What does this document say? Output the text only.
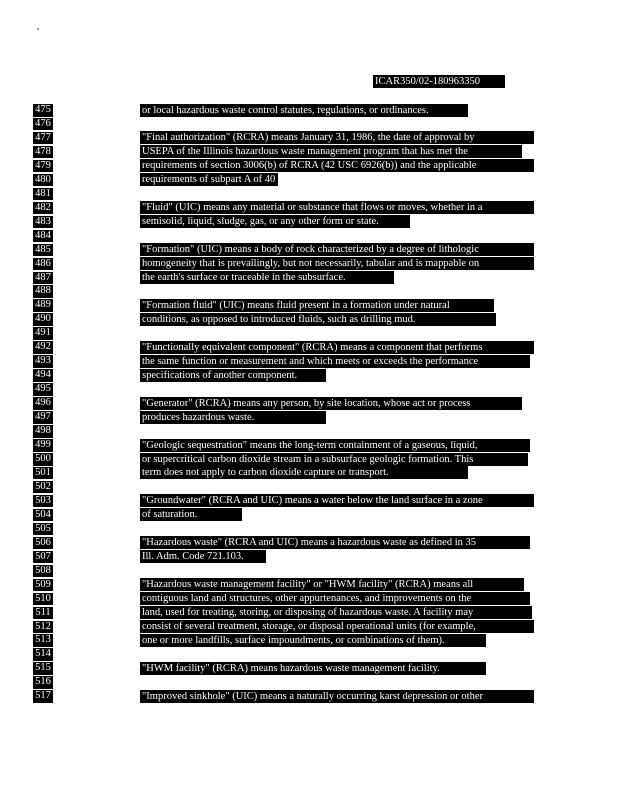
ICAR350/02-180963350
475
476
477
478
479
480
481
482
483
484
485
486
487
488
489
490
491
492
493
494
495
496
497
498
499
500
501
502
503
504
505
506
507
508
509
510
511
512
513
514
515
516
517
or local hazardous waste control statutes, regulations, or ordinances.
"Final authorization" (RCRA) means January 31, 1986, the date of approval by
USEPA of the Illinois hazardous waste management program that has met the
requirements of section 3006(b) of RCRA (42 USC 6926(b)) and the applicable
requirements of subpart A of 40 CFR 271.
"Fluid" (UIC) means any material or substance that flows or moves, whether in a
semisolid, liquid, sludge, gas, or any other form or state.
"Formation" (UIC) means a body of rock characterized by a degree of lithologic
homogeneity that is prevailingly, but not necessarily, tabular and is mappable on
the earth's surface or traceable in the subsurface.
"Formation fluid" (UIC) means fluid present in a formation under natural
conditions, as opposed to introduced fluids, such as drilling mud.
"Functionally equivalent component" (RCRA) means a component that performs
the same function or measurement and which meets or exceeds the performance
specifications of another component.
"Generator" (RCRA) means any person, by site location, whose act or process
produces hazardous waste.
"Geologic sequestration" means the long-term containment of a gaseous, liquid,
or supercritical carbon dioxide stream in a subsurface geologic formation. This
term does not apply to carbon dioxide capture or transport.
"Groundwater" (RCRA and UIC) means a water below the land surface in a zone
of saturation.
"Hazardous waste" (RCRA and UIC) means a hazardous waste as defined in 35
Ill. Adm. Code 721.103.
"Hazardous waste management facility" or "HWM facility" (RCRA) means all
contiguous land and structures, other appurtenances, and improvements on the
land, used for treating, storing, or disposing of hazardous waste. A facility may
consist of several treatment, storage, or disposal operational units (for example,
one or more landfills, surface impoundments, or combinations of them).
"HWM facility" (RCRA) means hazardous waste management facility.
"Improved sinkhole" (UIC) means a naturally occurring karst depression or other
